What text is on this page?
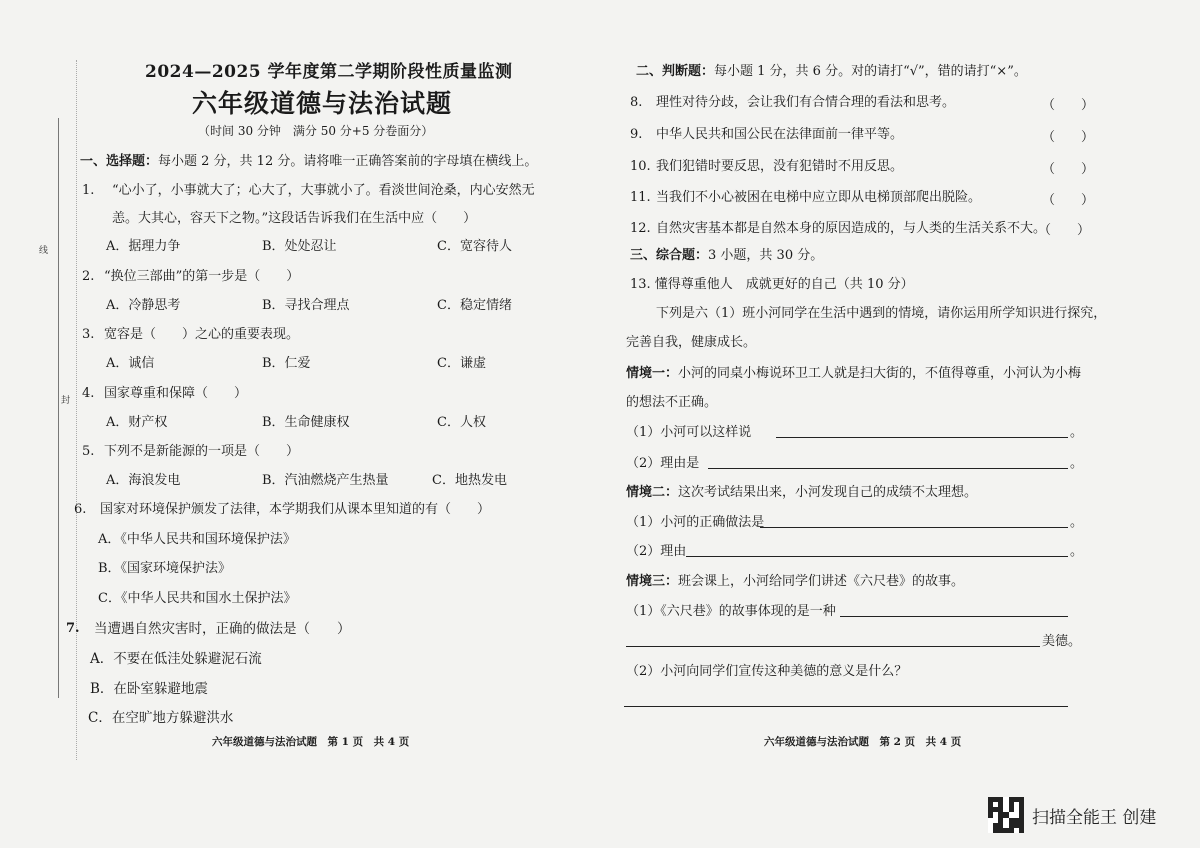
线
封
2024—2025 学年度第二学期阶段性质量监测
六年级道德与法治试题
（时间 30 分钟　满分 50 分+5 分卷面分）
一、选择题：每小题 2 分，共 12 分。请将唯一正确答案前的字母填在横线上。
1. “心小了，小事就大了；心大了，大事就小了。看淡世间沧桑，内心安然无
恙。大其心，容天下之物。”这段话告诉我们在生活中应（　　）
A．据理力争	B．处处忍让	C．宽容待人
2. “换位三部曲”的第一步是（　　）
A．冷静思考	B．寻找合理点	C．稳定情绪
3. 宽容是（　　）之心的重要表现。
A．诚信	B．仁爱	C．谦虚
4. 国家尊重和保障（　　）
A．财产权	B．生命健康权	C．人权
5. 下列不是新能源的一项是（　　）
A．海浪发电	B．汽油燃烧产生热量	C．地热发电
6. 国家对环境保护颁发了法律，本学期我们从课本里知道的有（　　）
A．《中华人民共和国环境保护法》
B．《国家环境保护法》
C．《中华人民共和国水土保护法》
7. 当遭遇自然灾害时，正确的做法是（　　）
A．不要在低洼处躲避泥石流
B．在卧室躲避地震
C．在空旷地方躲避洪水
六年级道德与法治试题　第 1 页　共 4 页
二、判断题：每小题 1 分，共 6 分。对的请打“√”，错的请打“×”。
8. 理性对待分歧，会让我们有合情合理的看法和思考。	（　　）
9. 中华人民共和国公民在法律面前一律平等。	（　　）
10. 我们犯错时要反思，没有犯错时不用反思。	（　　）
11. 当我们不小心被困在电梯中应立即从电梯顶部爬出脱险。	（　　）
12. 自然灾害基本都是自然本身的原因造成的，与人类的生活关系不大。
（　　）
三、综合题：3 小题，共 30 分。
13. 懂得尊重他人　成就更好的自己（共 10 分）
下列是六（1）班小河同学在生活中遇到的情境，请你运用所学知识进行探究，
完善自我，健康成长。
情境一：小河的同桌小梅说环卫工人就是扫大街的，不值得尊重，小河认为小梅
的想法不正确。
（1）小河可以这样说	。
（2）理由是	。
情境二：这次考试结果出来，小河发现自己的成绩不太理想。
（1）小河的正确做法是	。
（2）理由	。
情境三：班会课上，小河给同学们讲述《六尺巷》的故事。
（1）《六尺巷》的故事体现的是一种
美德。
（2）小河向同学们宣传这种美德的意义是什么？
六年级道德与法治试题　第 2 页　共 4 页
扫描全能王 创建
